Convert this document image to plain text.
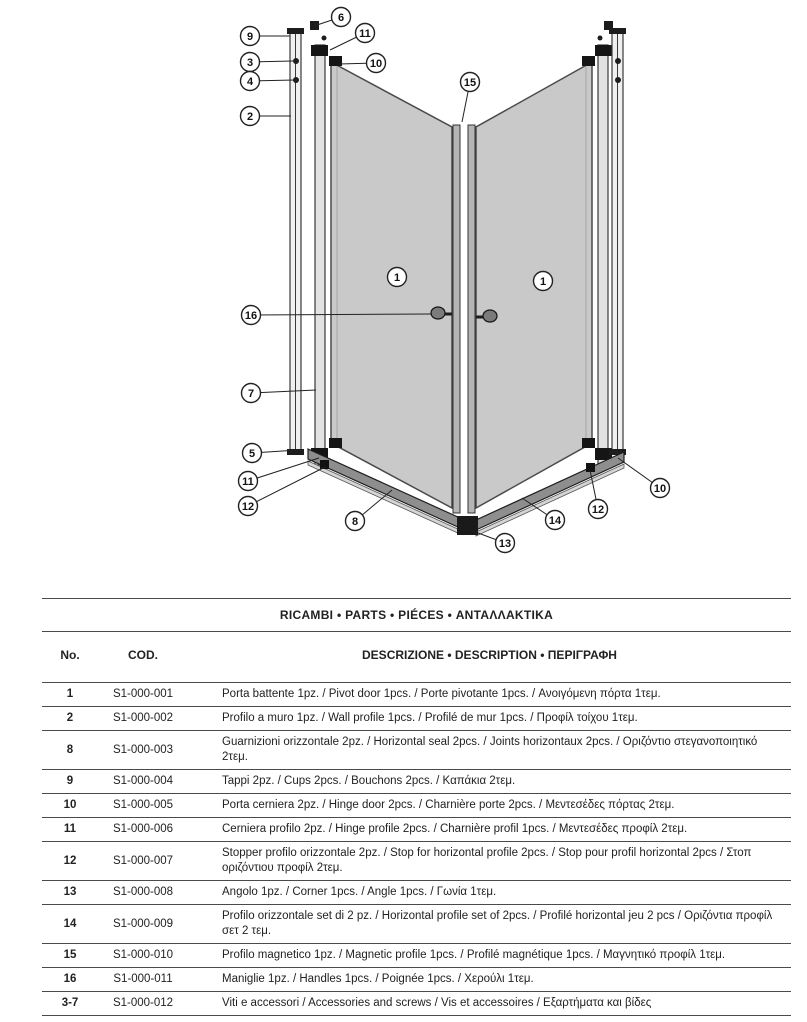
6
9
3
4
2
11
10
15
1	1
16
7
5
11
12
8
13
14
12
10
RICAMBI • PARTS • PIÉCES • ΑΝΤΑΛΛΑΚΤΙΚΑ
No.	COD.	DESCRIZIONE • DESCRIPTION • ΠΕΡΙΓΡΑΦΗ
1	S1-000-001	Porta battente 1pz. / Pivot door 1pcs. / Porte pivotante 1pcs. / Ανοιγόμενη πόρτα 1τεμ.
2	S1-000-002	Profilo a muro 1pz. / Wall profile 1pcs. / Profilé de mur 1pcs. / Προφίλ τοίχου 1τεμ.
8	S1-000-003
Guarnizioni orizzontale 2pz. / Horizontal seal 2pcs. / Joints horizontaux 2pcs. / Οριζόντιο στεγανοποιητικό 2τεμ.
9	S1-000-004	Tappi 2pz. / Cups 2pcs. / Bouchons 2pcs. / Καπάκια 2τεμ.
10	S1-000-005	Porta cerniera 2pz. / Hinge door 2pcs. / Charnière porte 2pcs. / Μεντεσέδες πόρτας 2τεμ.
11	S1-000-006	Cerniera profilo 2pz. / Hinge profile 2pcs. / Charnière profil 1pcs. / Μεντεσέδες προφίλ 2τεμ.
12	S1-000-007
Stopper profilo orizzontale 2pz. / Stop for horizontal profile 2pcs. / Stop pour profil horizontal 2pcs / Στοπ οριζόντιου προφίλ 2τεμ.
13	S1-000-008	Angolo 1pz. / Corner 1pcs. / Angle 1pcs. / Γωνία 1τεμ.
14	S1-000-009
Profilo orizzontale set di 2 pz. / Horizontal profile set of 2pcs. / Profilé horizontal jeu 2 pcs / Οριζόντια προφίλ σετ 2 τεμ.
15	S1-000-010	Profilo magnetico 1pz. / Magnetic profile 1pcs. / Profilé magnétique 1pcs. / Μαγνητικό προφίλ 1τεμ.
16	S1-000-011	Maniglie 1pz. / Handles 1pcs. / Poignée 1pcs. / Χερούλι 1τεμ.
3-7	S1-000-012	Viti e accessori / Accessories and screws / Vis et accessoires / Εξαρτήματα και βίδες
